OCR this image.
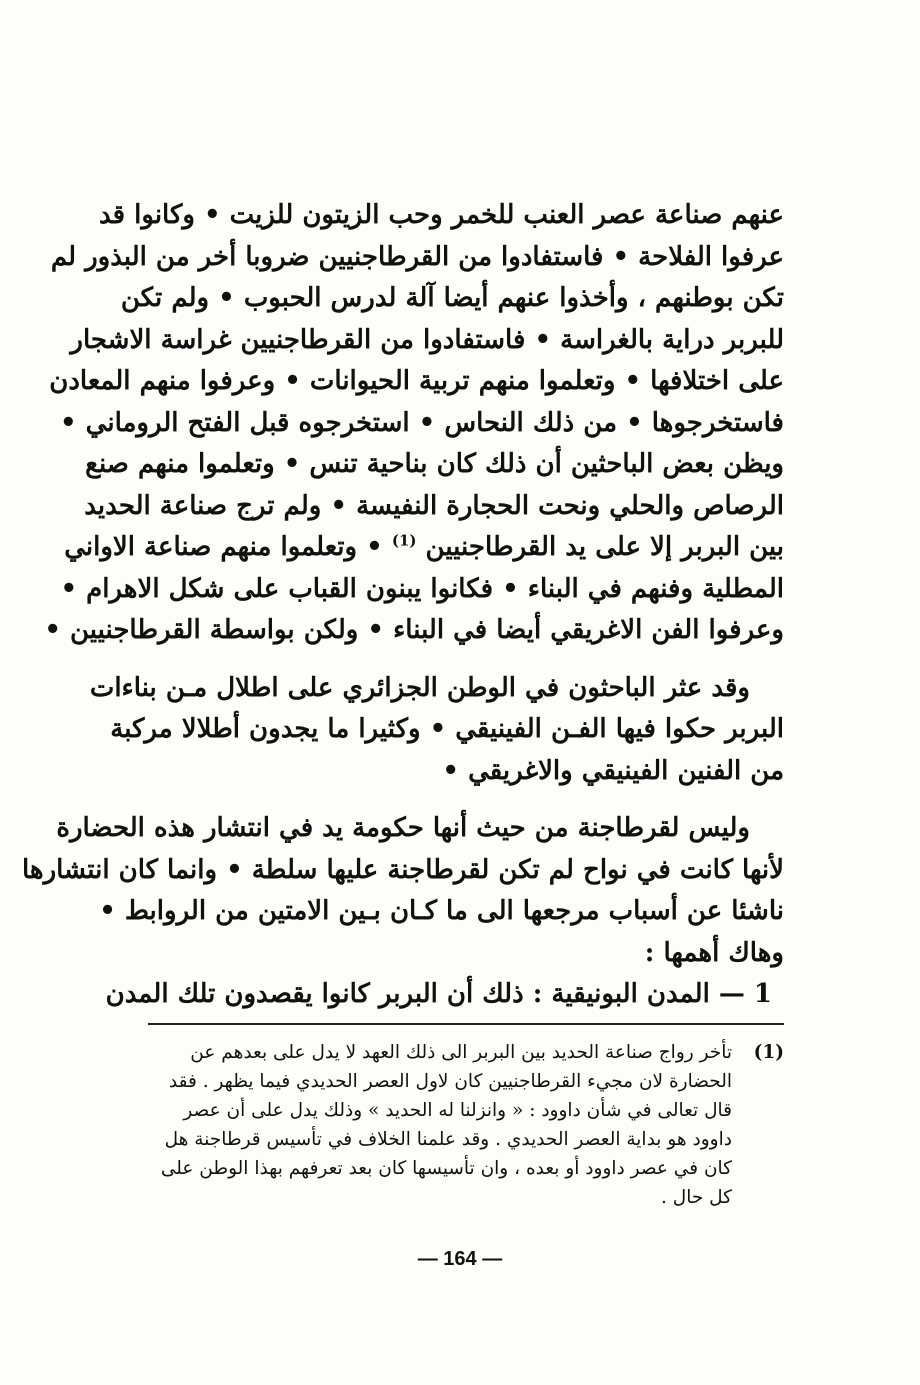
عنهم صناعة عصر العنب للخمر وحب الزيتون للزيت • وكانوا قد
عرفوا الفلاحة • فاستفادوا من القرطاجنيين ضروبا أخر من البذور لم
تكن بوطنهم ، وأخذوا عنهم أيضا آلة لدرس الحبوب • ولم تكن
للبربر دراية بالغراسة • فاستفادوا من القرطاجنيين غراسة الاشجار
على اختلافها • وتعلموا منهم تربية الحيوانات • وعرفوا منهم المعادن
فاستخرجوها • من ذلك النحاس • استخرجوه قبل الفتح الروماني •
ويظن بعض الباحثين أن ذلك كان بناحية تنس • وتعلموا منهم صنع
الرصاص والحلي ونحت الحجارة النفيسة • ولم ترج صناعة الحديد
بين البربر إلا على يد القرطاجنيين $^{(1)}$ • وتعلموا منهم صناعة الاواني
المطلية وفنهم في البناء • فكانوا يبنون القباب على شكل الاهرام •
وعرفوا الفن الاغريقي أيضا في البناء • ولكن بواسطة القرطاجنيين •

وقد عثر الباحثون في الوطن الجزائري على اطلال مـن بناءات
البربر حكوا فيها الفـن الفينيقي • وكثيرا ما يجدون أطلالا مركبة
من الفنين الفينيقي والاغريقي •

وليس لقرطاجنة من حيث أنها حكومة يد في انتشار هذه الحضارة
لأنها كانت في نواح لم تكن لقرطاجنة عليها سلطة • وانما كان انتشارها
ناشئا عن أسباب مرجعها الى ما كـان بـين الامتين من الروابط •
وهاك أهمها :

1 — المدن البونيقية : ذلك أن البربر كانوا يقصدون تلك المدن

(1)
تأخر رواج صناعة الحديد بين البربر الى ذلك العهد لا يدل على بعدهم عن الحضارة لان مجيء القرطاجنيين كان لاول العصر الحديدي فيما يظهر . فقد قال تعالى في شأن داوود : « وانزلنا له الحديد » وذلك يدل على أن عصر داوود هو بداية العصر الحديدي . وقد علمنا الخلاف في تأسيس قرطاجنة هل كان في عصر داوود أو بعده ، وان تأسيسها كان بعد تعرفهم بهذا الوطن على كل حال .
— 164 —
